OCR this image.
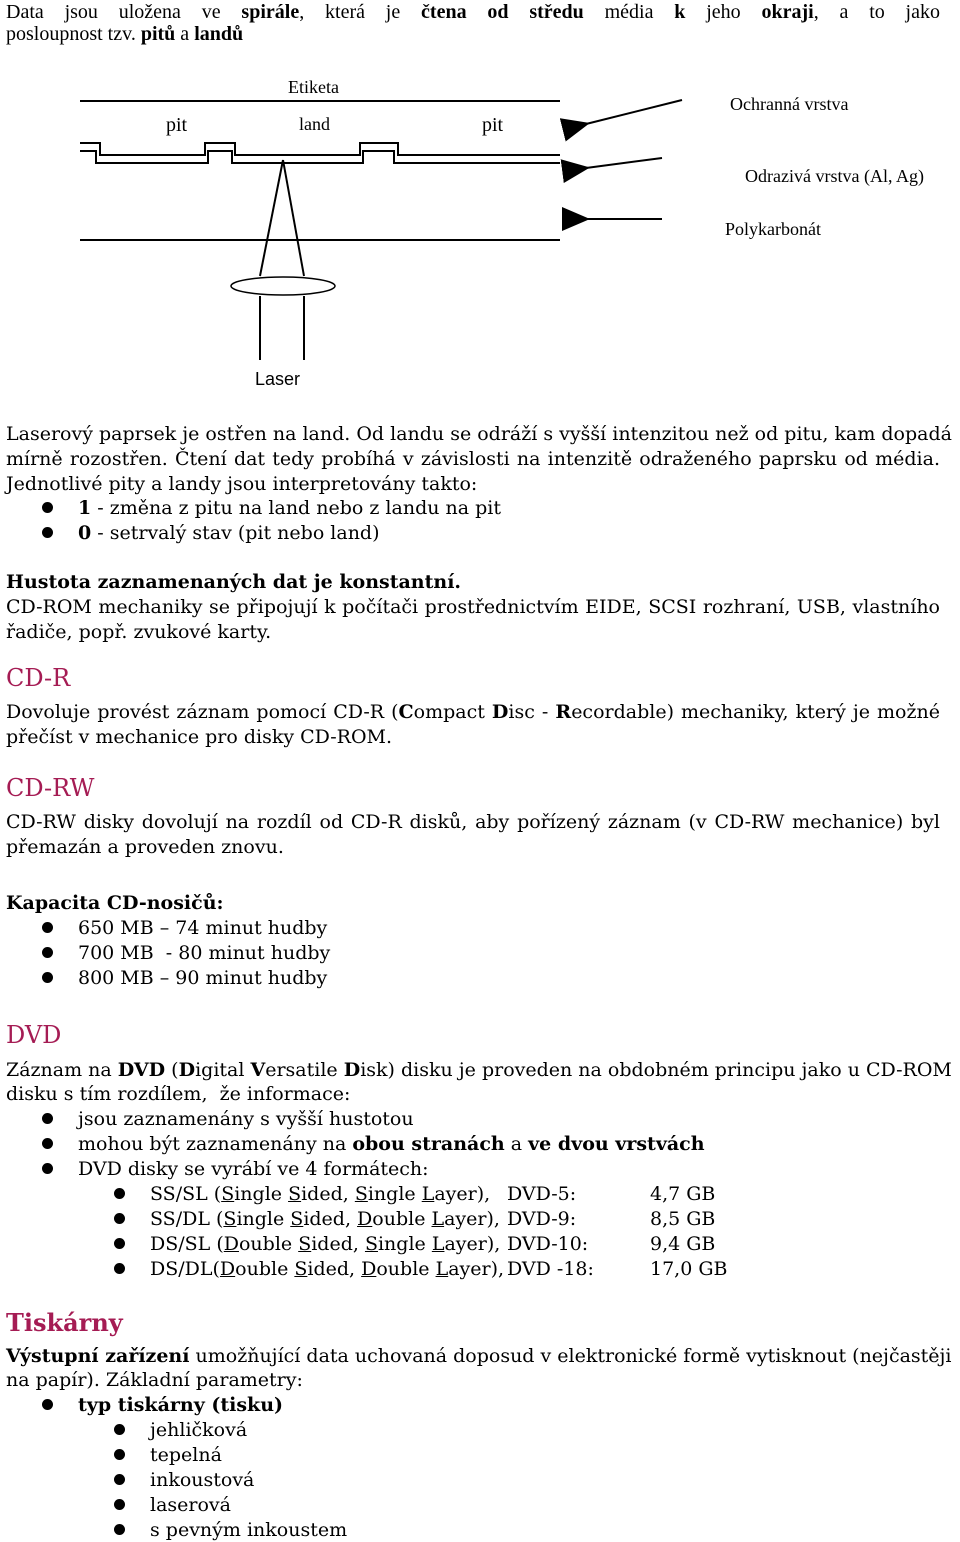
Data jsou uložena ve spirále, která je čtena od středu média k jeho okraji, a to jako
posloupnost tzv. pitů a landů
Etiketa
pit	land	pit
Ochranná vrstva
Odrazivá vrstva (Al, Ag)
Polykarbonát
Laser
Laserový paprsek je ostřen na land. Od landu se odráží s vyšší intenzitou než od pitu, kam dopadá
mírně rozostřen. Čtení dat tedy probíhá v závislosti na intenzitě odraženého paprsku od média.
Jednotlivé pity a landy jsou interpretovány takto:
1 - změna z pitu na land nebo z landu na pit
0 - setrvalý stav (pit nebo land)
Hustota zaznamenaných dat je konstantní.
CD-ROM mechaniky se připojují k počítači prostřednictvím EIDE, SCSI rozhraní, USB, vlastního
řadiče, popř. zvukové karty.
CD-R
Dovoluje provést záznam pomocí CD-R (Compact Disc - Recordable) mechaniky, který je možné
přečíst v mechanice pro disky CD-ROM.
CD-RW
CD-RW disky dovolují na rozdíl od CD-R disků, aby pořízený záznam (v CD-RW mechanice) byl
přemazán a proveden znovu.
Kapacita CD-nosičů:
650 MB – 74 minut hudby
700 MB  - 80 minut hudby
800 MB – 90 minut hudby
DVD
Záznam na DVD (Digital Versatile Disk) disku je proveden na obdobném principu jako u CD-ROM
disku s tím rozdílem,  že informace:
jsou zaznamenány s vyšší hustotou
mohou být zaznamenány na obou stranách a ve dvou vrstvách
DVD disky se vyrábí ve 4 formátech:
SS/SL (Single Sided, Single Layer), DVD-5:	4,7 GB
SS/DL (Single Sided, Double Layer), DVD-9:	8,5 GB
DS/SL (Double Sided, Single Layer), DVD-10:	9,4 GB
DS/DL(Double Sided, Double Layer), DVD -18:	17,0 GB
Tiskárny
Výstupní zařízení umožňující data uchovaná doposud v elektronické formě vytisknout (nejčastěji
na papír). Základní parametry:
typ tiskárny (tisku)
jehličková
tepelná
inkoustová
laserová
s pevným inkoustem
